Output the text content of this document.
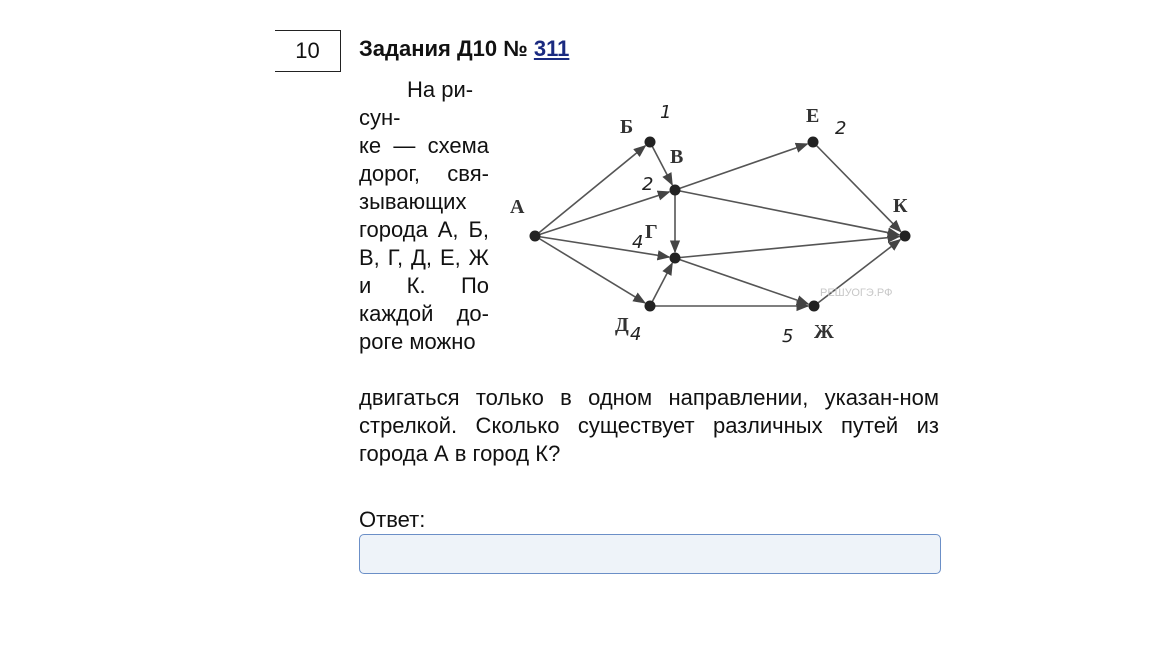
10 Задания Д10 № 311

На ри-
сун-
ке — схема дорог, свя-зывающих города А, Б, В, Г, Д, Е, Ж и К. По каждой до-роге можно

А
Б
В
Г
Д
Е
К
Ж
РЕШУОГЭ.РФ
1
2
2
4
4	5

двигаться только в одном направлении, указан-ном стрелкой. Сколько существует различных путей из города А в город К?

Ответ:
